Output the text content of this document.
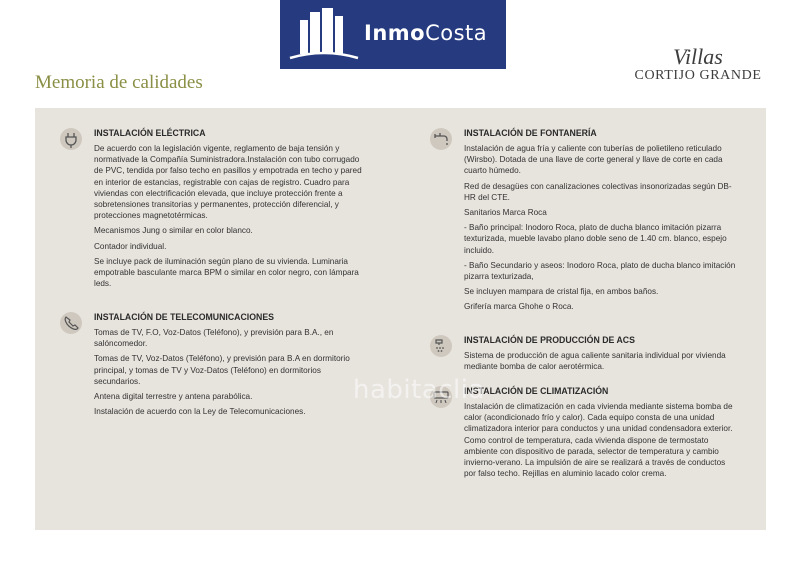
InmoCosta
Memoria de calidades
Villas
CORTIJO GRANDE
INSTALACIÓN ELÉCTRICA

De acuerdo con la legislación vigente, reglamento de baja tensión y normativade la Compañía Suministradora.Instalación con tubo corrugado de PVC, tendida por falso techo en pasillos y empotrada en techo y pared en interior de estancias, registrable con cajas de registro. Cuadro para viviendas con electrificación elevada, que incluye protección frente a sobretensiones transitorias y permanentes, protección diferencial, y protecciones magnetotérmicas.

Mecanismos Jung o similar en color blanco.

Contador individual.

Se incluye pack de iluminación según plano de su vivienda. Luminaria empotrable basculante marca BPM o similar en color negro, con lámpara leds.

INSTALACIÓN DE TELECOMUNICACIONES

Tomas de TV, F.O, Voz-Datos (Teléfono), y previsión para B.A., en salóncomedor.

Tomas de TV, Voz-Datos (Teléfono), y previsión para B.A en dormitorio principal, y tomas de TV y Voz-Datos (Teléfono) en dormitorios secundarios.

Antena digital terrestre y antena parabólica.

Instalación de acuerdo con la Ley de Telecomunicaciones.

INSTALACIÓN DE FONTANERÍA

Instalación de agua fría y caliente con tuberías de polietileno reticulado (Wirsbo). Dotada de una llave de corte general y llave de corte en cada cuarto húmedo.

Red de desagües con canalizaciones colectivas insonorizadas según DB-HR del CTE.

Sanitarios Marca Roca

- Baño principal: Inodoro Roca, plato de ducha blanco imitación pizarra texturizada, mueble lavabo plano doble seno de 1.40 cm. blanco, espejo incluido.

- Baño Secundario y aseos: Inodoro Roca, plato de ducha blanco imitación pizarra texturizada,

Se incluyen mampara de cristal fija, en ambos baños.

Grifería marca Ghohe o Roca.

INSTALACIÓN DE PRODUCCIÓN DE ACS

Sistema de producción de agua caliente sanitaria individual por vivienda mediante bomba de calor aerotérmica.

INSTALACIÓN DE CLIMATIZACIÓN

Instalación de climatización en cada vivienda mediante sistema bomba de calor (acondicionado frío y calor). Cada equipo consta de una unidad climatizadora interior para conductos y una unidad condensadora exterior. Como control de temperatura, cada vivienda dispone de termostato ambiente con dispositivo de parada, selector de temperatura y cambio invierno-verano. La impulsión de aire se realizará a través de conductos por falso techo. Rejillas en aluminio lacado color crema.

habitaclia
